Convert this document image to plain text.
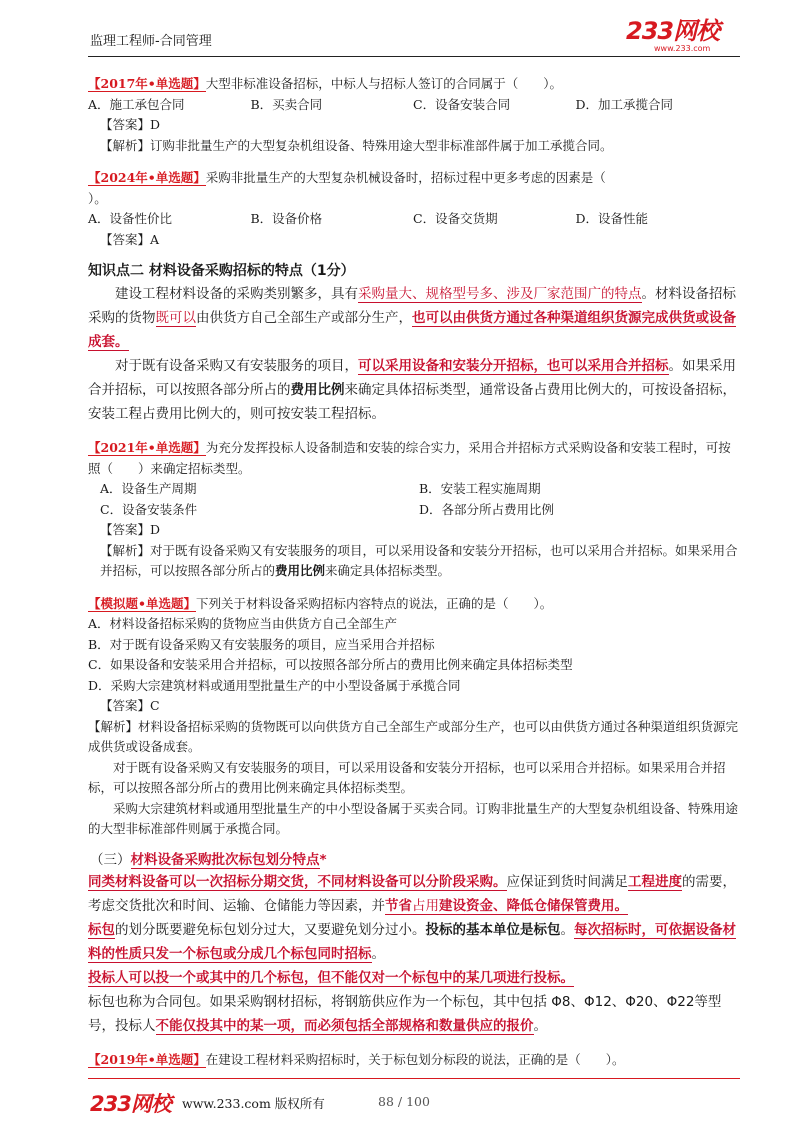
监理工程师-合同管理	233网校
www.233.com
【2017年•单选题】大型非标准设备招标，中标人与招标人签订的合同属于（　　）。
A．施工承包合同	B．买卖合同	C．设备安装合同	D．加工承揽合同
【答案】D
【解析】订购非批量生产的大型复杂机组设备、特殊用途大型非标准部件属于加工承揽合同。
【2024年•单选题】采购非批量生产的大型复杂机械设备时，招标过程中更多考虑的因素是（
）。
A．设备性价比	B．设备价格	C．设备交货期	D．设备性能
【答案】A
知识点二 材料设备采购招标的特点（1分）
建设工程材料设备的采购类别繁多，具有采购量大、规格型号多、涉及厂家范围广的特点。材料设备招标采购的货物既可以由供货方自己全部生产或部分生产，也可以由供货方通过各种渠道组织货源完成供货或设备成套。
对于既有设备采购又有安装服务的项目，可以采用设备和安装分开招标，也可以采用合并招标。如果采用合并招标，可以按照各部分所占的费用比例来确定具体招标类型，通常设备占费用比例大的，可按设备招标，安装工程占费用比例大的，则可按安装工程招标。
【2021年•单选题】为充分发挥投标人设备制造和安装的综合实力，采用合并招标方式采购设备和安装工程时，可按照（　　）来确定招标类型。
A．设备生产周期	B．安装工程实施周期
C．设备安装条件	D．各部分所占费用比例
【答案】D
【解析】对于既有设备采购又有安装服务的项目，可以采用设备和安装分开招标，也可以采用合并招标。如果采用合并招标，可以按照各部分所占的费用比例来确定具体招标类型。
【模拟题•单选题】下列关于材料设备采购招标内容特点的说法，正确的是（　　）。
A．材料设备招标采购的货物应当由供货方自己全部生产
B．对于既有设备采购又有安装服务的项目，应当采用合并招标
C．如果设备和安装采用合并招标，可以按照各部分所占的费用比例来确定具体招标类型
D．采购大宗建筑材料或通用型批量生产的中小型设备属于承揽合同
【答案】C
【解析】材料设备招标采购的货物既可以向供货方自己全部生产或部分生产，也可以由供货方通过各种渠道组织货源完成供货或设备成套。
对于既有设备采购又有安装服务的项目，可以采用设备和安装分开招标，也可以采用合并招标。如果采用合并招标，可以按照各部分所占的费用比例来确定具体招标类型。
采购大宗建筑材料或通用型批量生产的中小型设备属于买卖合同。订购非批量生产的大型复杂机组设备、特殊用途的大型非标准部件则属于承揽合同。
（三）材料设备采购批次标包划分特点*
同类材料设备可以一次招标分期交货，不同材料设备可以分阶段采购。应保证到货时间满足工程进度的需要，考虑交货批次和时间、运输、仓储能力等因素，并节省占用建设资金、降低仓储保管费用。
标包的划分既要避免标包划分过大，又要避免划分过小。投标的基本单位是标包。每次招标时，可依据设备材料的性质只发一个标包或分成几个标包同时招标。
投标人可以投一个或其中的几个标包，但不能仅对一个标包中的某几项进行投标。
标包也称为合同包。如果采购钢材招标，将钢筋供应作为一个标包，其中包括 Φ8、Φ12、Φ20、Φ22等型号，投标人不能仅投其中的某一项，而必须包括全部规格和数量供应的报价。
【2019年•单选题】在建设工程材料采购招标时，关于标包划分标段的说法，正确的是（　　）。
233网校 www.233.com 版权所有	88 / 100
